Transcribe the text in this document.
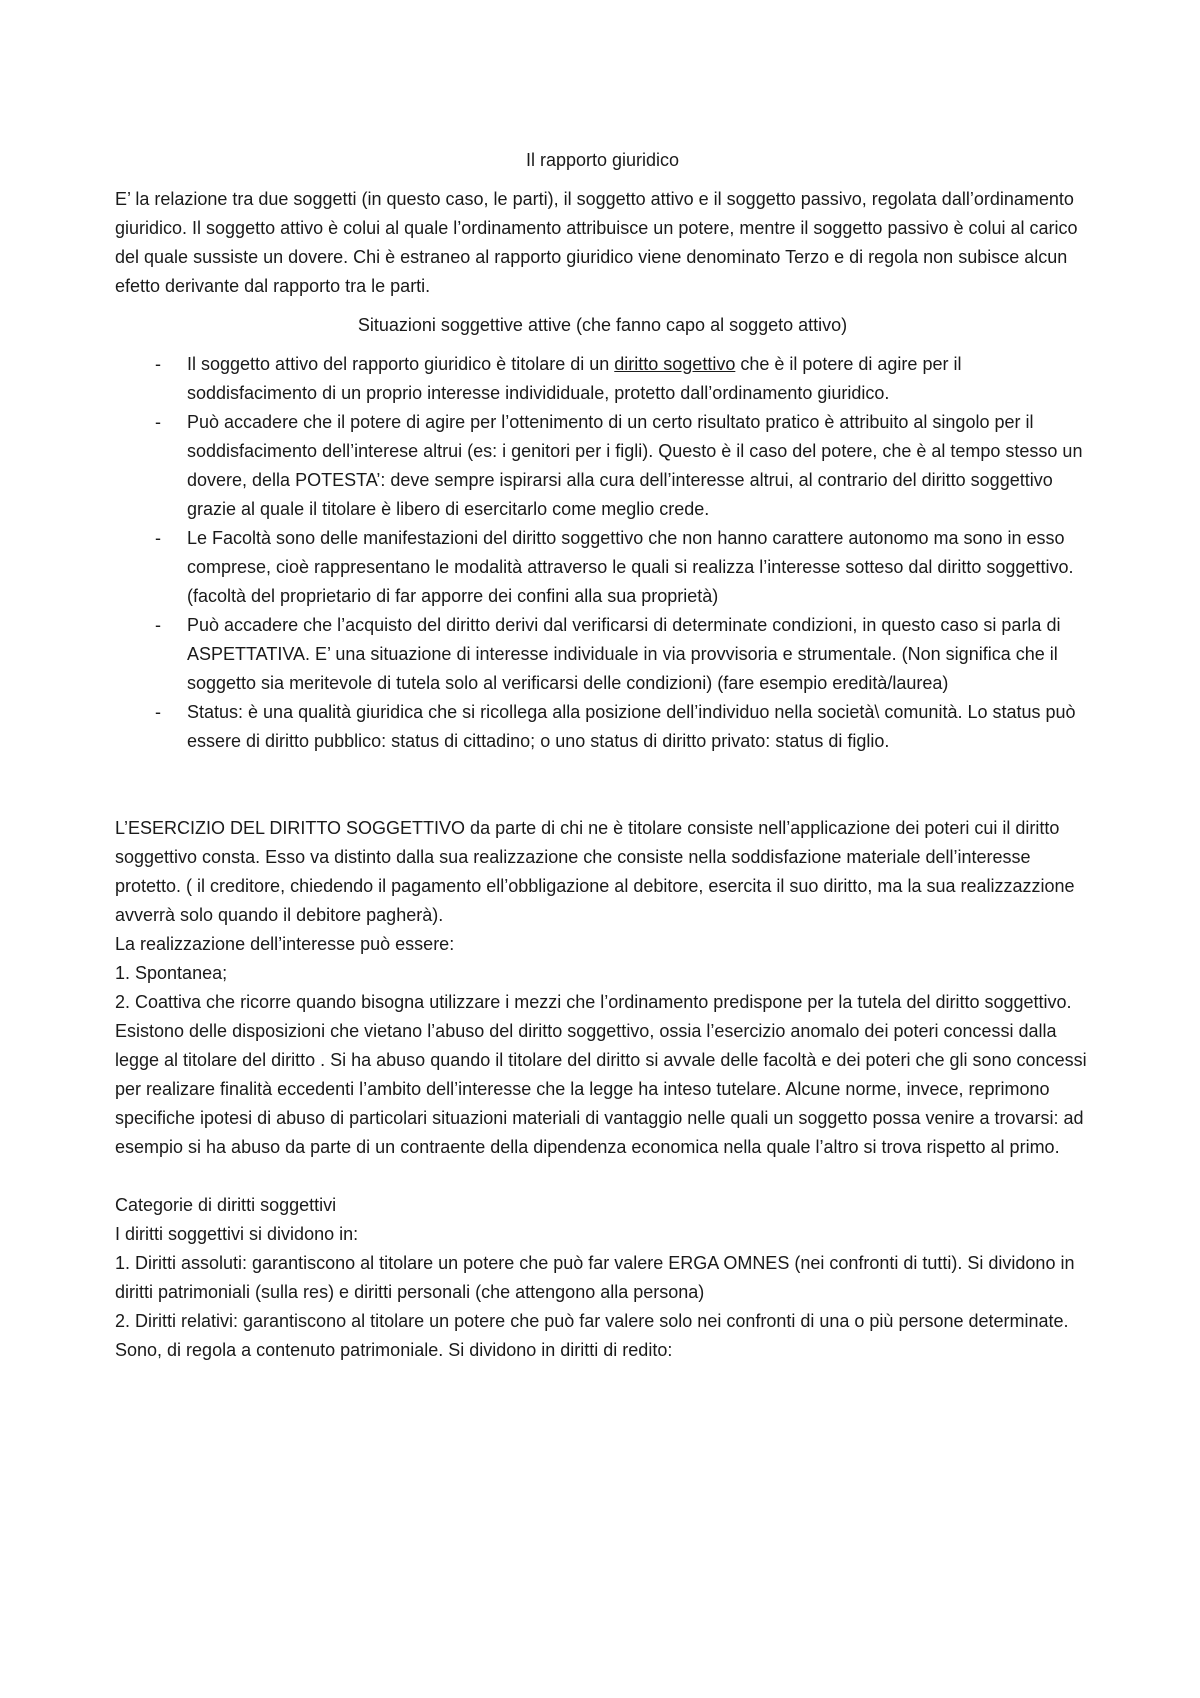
Il rapporto giuridico

E’ la relazione tra due soggetti (in questo caso, le parti), il soggetto attivo e il soggetto passivo, regolata dall’ordinamento giuridico. Il soggetto attivo è colui al quale l’ordinamento attribuisce un potere, mentre il soggetto passivo è colui al carico del quale sussiste un dovere. Chi è estraneo al rapporto giuridico viene denominato Terzo e di regola non subisce alcun efetto derivante dal rapporto tra le parti.

Situazioni soggettive attive (che fanno capo al soggeto attivo)

- Il soggetto attivo del rapporto giuridico è titolare di un diritto sogettivo che è il potere di agire per il soddisfacimento di un proprio interesse individiduale, protetto dall’ordinamento giuridico.
- Può accadere che il potere di agire per l’ottenimento di un certo risultato pratico è attribuito al singolo per il soddisfacimento dell’interese altrui (es: i genitori per i figli). Questo è il caso del potere, che è al tempo stesso un dovere, della POTESTA’: deve sempre ispirarsi alla cura dell’interesse altrui, al contrario del diritto soggettivo grazie al quale il titolare è libero di esercitarlo come meglio crede.
- Le Facoltà sono delle manifestazioni del diritto soggettivo che non hanno carattere autonomo ma sono in esso comprese, cioè rappresentano le modalità attraverso le quali si realizza l’interesse sotteso dal diritto soggettivo. (facoltà del proprietario di far apporre dei confini alla sua proprietà)
- Può accadere che l’acquisto del diritto derivi dal verificarsi di determinate condizioni, in questo caso si parla di ASPETTATIVA. E’ una situazione di interesse individuale in via provvisoria e strumentale. (Non significa che il soggetto sia meritevole di tutela solo al verificarsi delle condizioni) (fare esempio eredità/laurea)
- Status: è una qualità giuridica che si ricollega alla posizione dell’individuo nella società\ comunità. Lo status può essere di diritto pubblico: status di cittadino; o uno status di diritto privato: status di figlio.

L’ESERCIZIO DEL DIRITTO SOGGETTIVO da parte di chi ne è titolare consiste nell’applicazione dei poteri cui il diritto soggettivo consta. Esso va distinto dalla sua realizzazione che consiste nella soddisfazione materiale dell’interesse protetto. ( il creditore, chiedendo il pagamento ell’obbligazione al debitore, esercita il suo diritto, ma la sua realizzazzione avverrà solo quando il debitore pagherà).

La realizzazione dell’interesse può essere:

1. Spontanea;

2. Coattiva che ricorre quando bisogna utilizzare i mezzi che l’ordinamento predispone per la tutela del diritto soggettivo.

Esistono delle disposizioni che vietano l’abuso del diritto soggettivo, ossia l’esercizio anomalo dei poteri concessi dalla legge al titolare del diritto . Si ha abuso quando il titolare del diritto si avvale delle facoltà e dei poteri che gli sono concessi per realizare finalità eccedenti l’ambito dell’interesse che la legge ha inteso tutelare. Alcune norme, invece, reprimono specifiche ipotesi di abuso di particolari situazioni materiali di vantaggio nelle quali un soggetto possa venire a trovarsi: ad esempio si ha abuso da parte di un contraente della dipendenza economica nella quale l’altro si trova rispetto al primo.

Categorie di diritti soggettivi

I diritti soggettivi si dividono in:

1. Diritti assoluti: garantiscono al titolare un potere che può far valere ERGA OMNES (nei confronti di tutti). Si dividono in diritti patrimoniali (sulla res) e diritti personali (che attengono alla persona)

2. Diritti relativi: garantiscono al titolare un potere che può far valere solo nei confronti di una o più persone determinate. Sono, di regola a contenuto patrimoniale. Si dividono in diritti di redito:
